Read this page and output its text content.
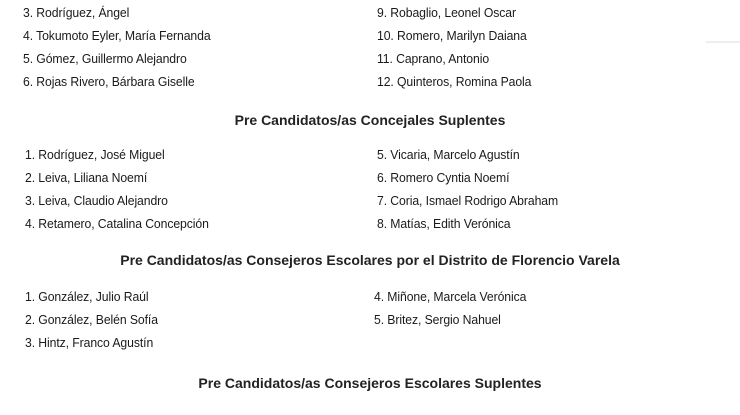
3. Rodríguez, Ángel
4. Tokumoto Eyler, María Fernanda
5. Gómez, Guillermo Alejandro
6. Rojas Rivero, Bárbara Giselle
9. Robaglio, Leonel Oscar
10. Romero, Marilyn Daiana
11. Caprano, Antonio
12. Quinteros, Romina Paola
Pre Candidatos/as Concejales Suplentes
1. Rodríguez, José Miguel
2. Leiva, Liliana Noemí
3. Leiva, Claudio Alejandro
4. Retamero, Catalina Concepción
5. Vicaria, Marcelo Agustín
6. Romero Cyntia Noemí
7. Coria, Ismael Rodrigo Abraham
8. Matías, Edith Verónica
Pre Candidatos/as Consejeros Escolares por el Distrito de Florencio Varela
1. González, Julio Raúl
2. González, Belén Sofía
3. Hintz, Franco Agustín
4. Miñone, Marcela Verónica
5. Britez, Sergio Nahuel
Pre Candidatos/as Consejeros Escolares Suplentes
